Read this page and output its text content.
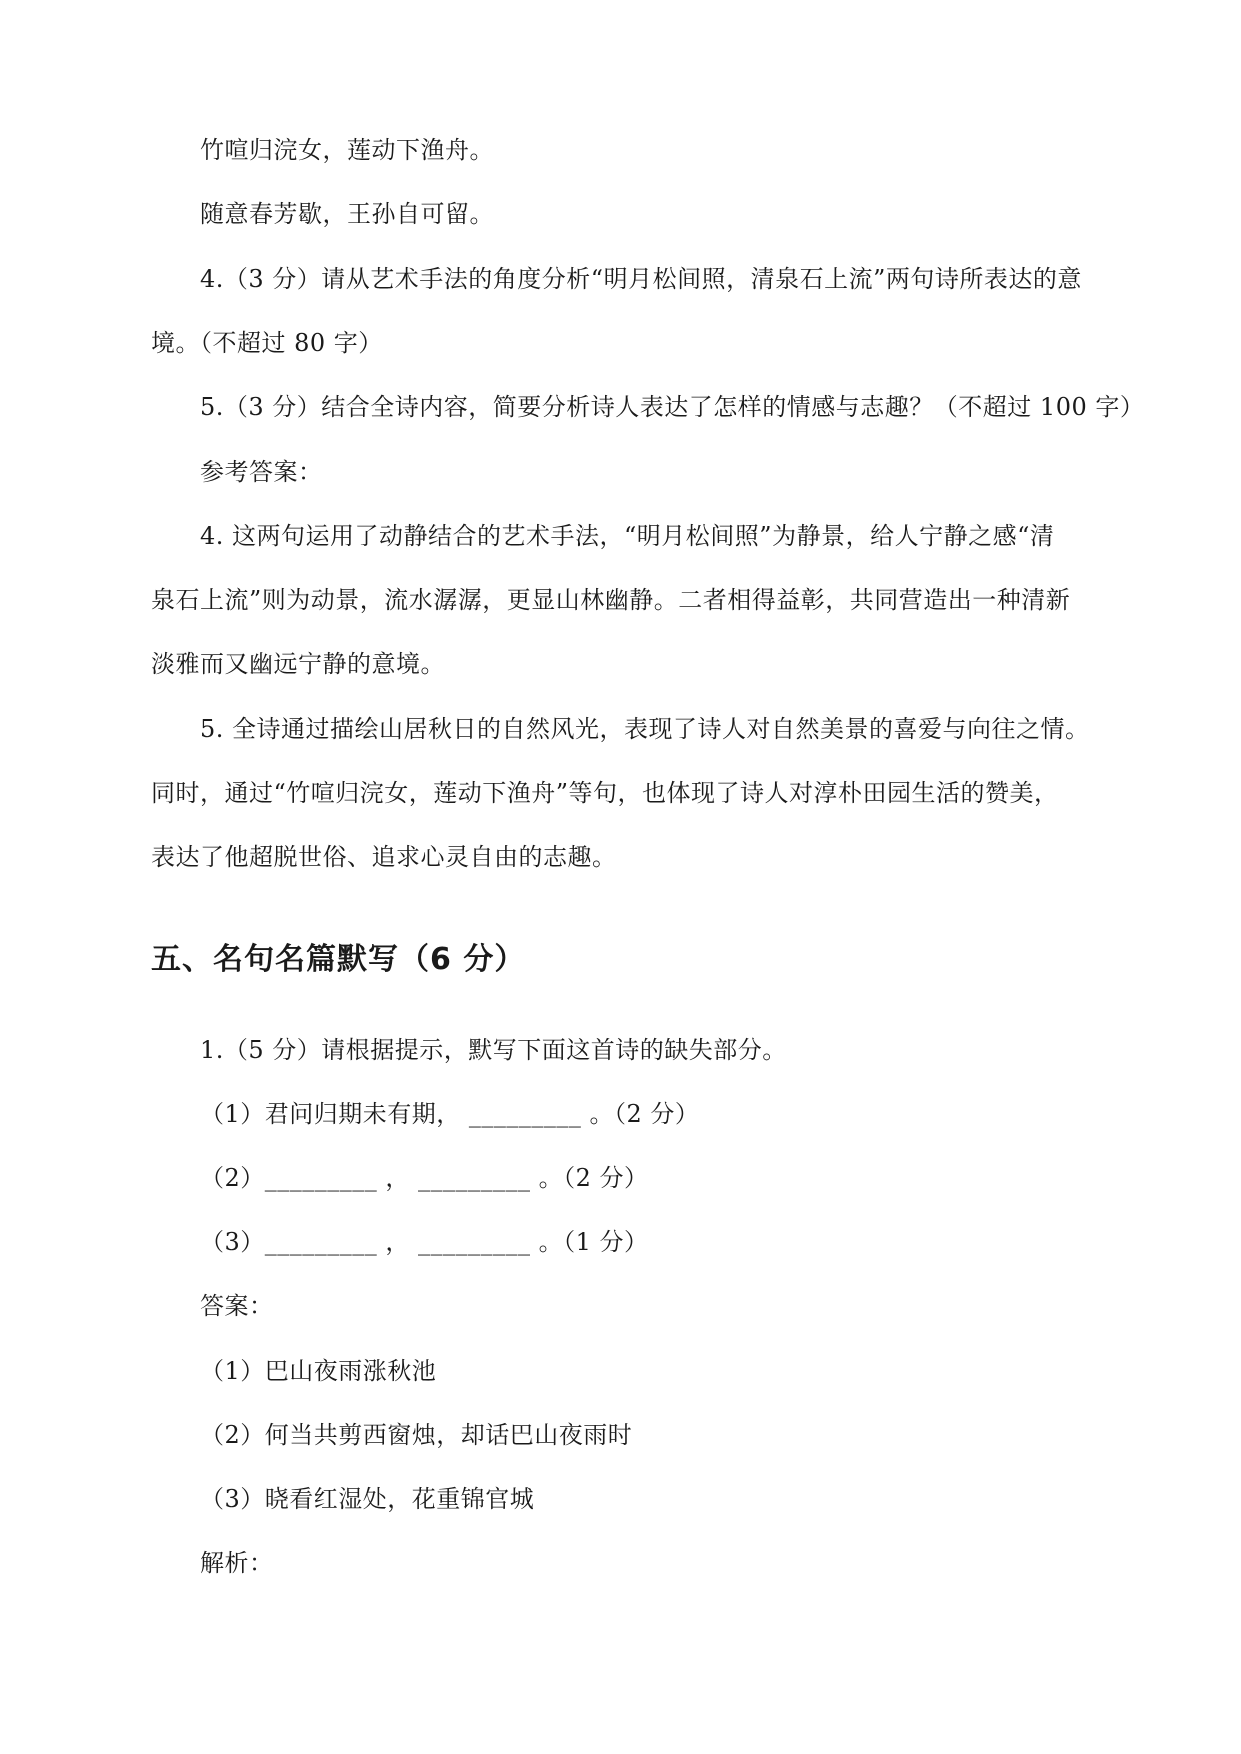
竹喧归浣女，莲动下渔舟。
随意春芳歇，王孙自可留。
4.（3 分）请从艺术手法的角度分析“明月松间照，清泉石上流”两句诗所表达的意
境。（不超过 80 字）
5.（3 分）结合全诗内容，简要分析诗人表达了怎样的情感与志趣？（不超过 100 字）
参考答案：
4. 这两句运用了动静结合的艺术手法，“明月松间照”为静景，给人宁静之感“清
泉石上流”则为动景，流水潺潺，更显山林幽静。二者相得益彰，共同营造出一种清新
淡雅而又幽远宁静的意境。
5. 全诗通过描绘山居秋日的自然风光，表现了诗人对自然美景的喜爱与向往之情。
同时，通过“竹喧归浣女，莲动下渔舟”等句，也体现了诗人对淳朴田园生活的赞美，
表达了他超脱世俗、追求心灵自由的志趣。
五、名句名篇默写（6 分）
1.（5 分）请根据提示，默写下面这首诗的缺失部分。
（1）君问归期未有期， _________ 。（2 分）
（2）_________ ， _________ 。（2 分）
（3）_________ ， _________ 。（1 分）
答案：
（1）巴山夜雨涨秋池
（2）何当共剪西窗烛，却话巴山夜雨时
（3）晓看红湿处，花重锦官城
解析：
